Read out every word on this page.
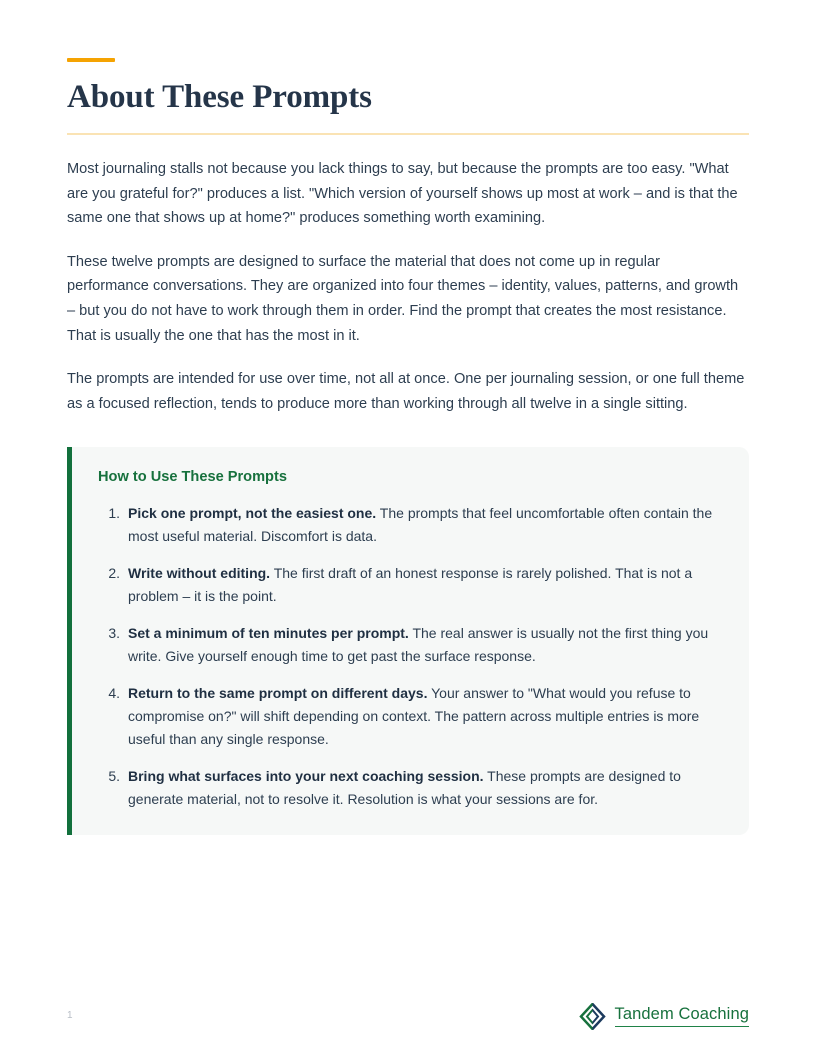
About These Prompts

Most journaling stalls not because you lack things to say, but because the prompts are too easy. "What are you grateful for?" produces a list. "Which version of yourself shows up most at work – and is that the same one that shows up at home?" produces something worth examining.

These twelve prompts are designed to surface the material that does not come up in regular performance conversations. They are organized into four themes – identity, values, patterns, and growth – but you do not have to work through them in order. Find the prompt that creates the most resistance. That is usually the one that has the most in it.

The prompts are intended for use over time, not all at once. One per journaling session, or one full theme as a focused reflection, tends to produce more than working through all twelve in a single sitting.

How to Use These Prompts
Pick one prompt, not the easiest one. The prompts that feel uncomfortable often contain the most useful material. Discomfort is data.
Write without editing. The first draft of an honest response is rarely polished. That is not a problem – it is the point.
Set a minimum of ten minutes per prompt. The real answer is usually not the first thing you write. Give yourself enough time to get past the surface response.
Return to the same prompt on different days. Your answer to "What would you refuse to compromise on?" will shift depending on context. The pattern across multiple entries is more useful than any single response.
Bring what surfaces into your next coaching session. These prompts are designed to generate material, not to resolve it. Resolution is what your sessions are for.
1	Tandem Coaching
